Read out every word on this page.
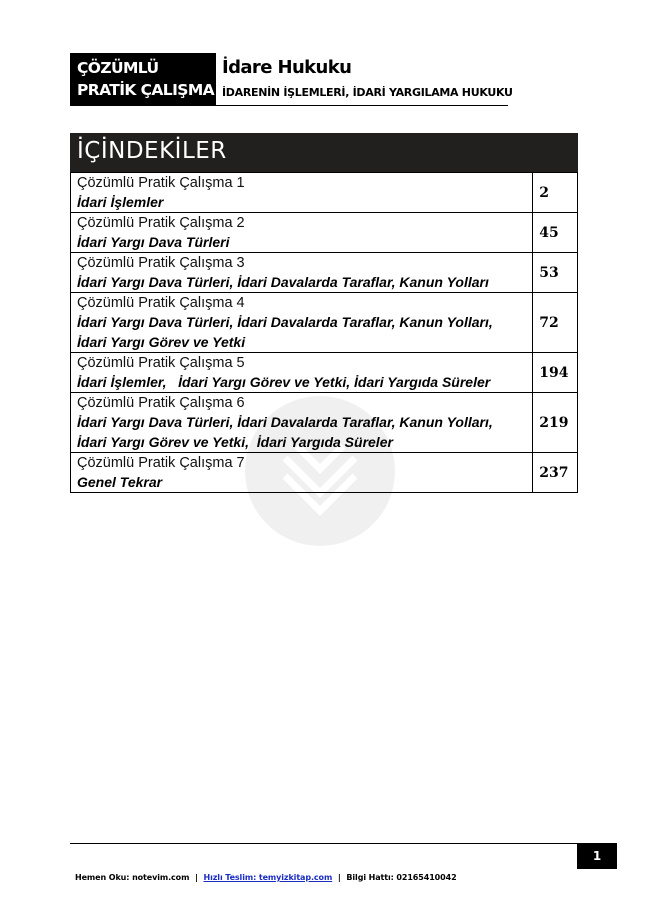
ÇÖZÜMLÜ
PRATİK ÇALIŞMA
İdare Hukuku
İDARENİN İŞLEMLERİ, İDARİ YARGILAMA HUKUKU
İÇİNDEKİLER
Çözümlü Pratik Çalışma 1
İdari İşlemler	2

Çözümlü Pratik Çalışma 2
İdari Yargı Dava Türleri	45

Çözümlü Pratik Çalışma 3
İdari Yargı Dava Türleri, İdari Davalarda Taraflar, Kanun Yolları	53

Çözümlü Pratik Çalışma 4
İdari Yargı Dava Türleri, İdari Davalarda Taraflar, Kanun Yolları,
İdari Yargı Görev ve Yetki	72

Çözümlü Pratik Çalışma 5
İdari İşlemler,   İdari Yargı Görev ve Yetki, İdari Yargıda Süreler	194

Çözümlü Pratik Çalışma 6
İdari Yargı Dava Türleri, İdari Davalarda Taraflar, Kanun Yolları,
İdari Yargı Görev ve Yetki,  İdari Yargıda Süreler	219

Çözümlü Pratik Çalışma 7
Genel Tekrar	237
1
Hemen Oku: notevim.com | Hızlı Teslim: temyizkitap.com | Bilgi Hattı: 02165410042
